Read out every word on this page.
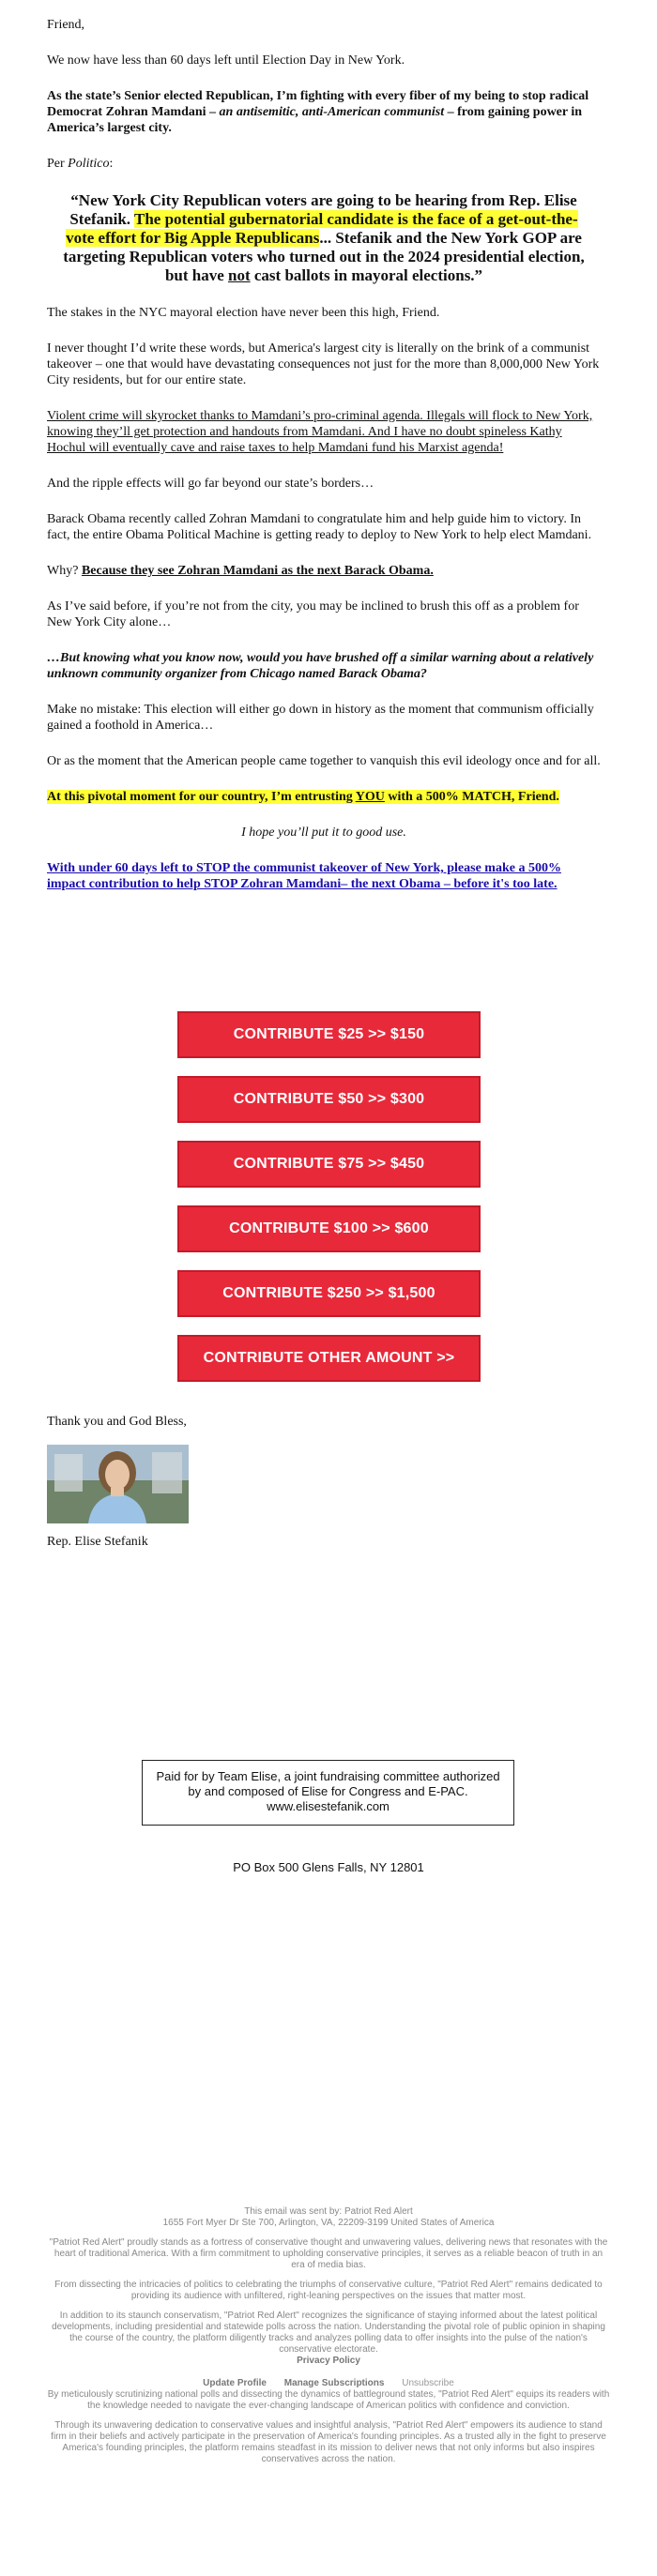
Friend,

We now have less than 60 days left until Election Day in New York.

As the state’s Senior elected Republican, I’m fighting with every fiber of my being to stop radical Democrat Zohran Mamdani – an antisemitic, anti-American communist – from gaining power in America’s largest city.

Per Politico:

“New York City Republican voters are going to be hearing from Rep. Elise Stefanik. The potential gubernatorial candidate is the face of a get-out-the-vote effort for Big Apple Republicans... Stefanik and the New York GOP are targeting Republican voters who turned out in the 2024 presidential election, but have not cast ballots in mayoral elections.”

The stakes in the NYC mayoral election have never been this high, Friend.

I never thought I’d write these words, but America's largest city is literally on the brink of a communist takeover – one that would have devastating consequences not just for the more than 8,000,000 New York City residents, but for our entire state.

Violent crime will skyrocket thanks to Mamdani’s pro-criminal agenda. Illegals will flock to New York, knowing they’ll get protection and handouts from Mamdani. And I have no doubt spineless Kathy Hochul will eventually cave and raise taxes to help Mamdani fund his Marxist agenda!

And the ripple effects will go far beyond our state’s borders…

Barack Obama recently called Zohran Mamdani to congratulate him and help guide him to victory. In fact, the entire Obama Political Machine is getting ready to deploy to New York to help elect Mamdani.

Why? Because they see Zohran Mamdani as the next Barack Obama.

As I’ve said before, if you’re not from the city, you may be inclined to brush this off as a problem for New York City alone…

…But knowing what you know now, would you have brushed off a similar warning about a relatively unknown community organizer from Chicago named Barack Obama?

Make no mistake: This election will either go down in history as the moment that communism officially gained a foothold in America…

Or as the moment that the American people came together to vanquish this evil ideology once and for all.

At this pivotal moment for our country, I’m entrusting YOU with a 500% MATCH, Friend.

I hope you’ll put it to good use.

With under 60 days left to STOP the communist takeover of New York, please make a 500% impact contribution to help STOP Zohran Mamdani– the next Obama – before it's too late.

CONTRIBUTE $25 >> $150
CONTRIBUTE $50 >> $300
CONTRIBUTE $75 >> $450
CONTRIBUTE $100 >> $600
CONTRIBUTE $250 >> $1,500
CONTRIBUTE OTHER AMOUNT >>
Thank you and God Bless,
Rep. Elise Stefanik
Paid for by Team Elise, a joint fundraising committee authorized by and composed of Elise for Congress and E-PAC. www.elisestefanik.com
PO Box 500 Glens Falls, NY 12801

This email was sent by: Patriot Red Alert
1655 Fort Myer Dr Ste 700, Arlington, VA, 22209-3199 United States of America

"Patriot Red Alert" proudly stands as a fortress of conservative thought and unwavering values, delivering news that resonates with the heart of traditional America. With a firm commitment to upholding conservative principles, it serves as a reliable beacon of truth in an era of media bias.

From dissecting the intricacies of politics to celebrating the triumphs of conservative culture, "Patriot Red Alert" remains dedicated to providing its audience with unfiltered, right-leaning perspectives on the issues that matter most.

In addition to its staunch conservatism, "Patriot Red Alert" recognizes the significance of staying informed about the latest political developments, including presidential and statewide polls across the nation. Understanding the pivotal role of public opinion in shaping the course of the country, the platform diligently tracks and analyzes polling data to offer insights into the pulse of the nation's conservative electorate.

Privacy Policy

Update Profile Manage Subscriptions Unsubscribe

By meticulously scrutinizing national polls and dissecting the dynamics of battleground states, "Patriot Red Alert" equips its readers with the knowledge needed to navigate the ever-changing landscape of American politics with confidence and conviction.

Through its unwavering dedication to conservative values and insightful analysis, "Patriot Red Alert" empowers its audience to stand firm in their beliefs and actively participate in the preservation of America's founding principles. As a trusted ally in the fight to preserve America's founding principles, the platform remains steadfast in its mission to deliver news that not only informs but also inspires conservatives across the nation.
